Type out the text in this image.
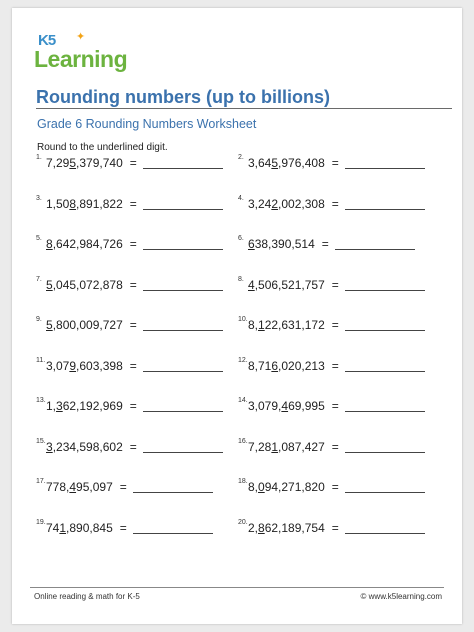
✦
K5
Learning
Rounding numbers (up to billions)
Grade 6 Rounding Numbers Worksheet
Round to the underlined digit.
1. 7,295,379,740 =	2. 3,645,976,408 =
3. 1,508,891,822 =	4. 3,242,002,308 =
5. 8,642,984,726 =	6. 638,390,514 =
7. 5,045,072,878 =	8. 4,506,521,757 =
9. 5,800,009,727 =	10. 8,122,631,172 =
11. 3,079,603,398 =	12. 8,716,020,213 =
13. 1,362,192,969 =	14. 3,079,469,995 =
15. 3,234,598,602 =	16. 7,281,087,427 =
17. 778,495,097 =	18. 8,094,271,820 =
19. 741,890,845 =	20. 2,862,189,754 =
Online reading & math for K-5	© www.k5learning.com
